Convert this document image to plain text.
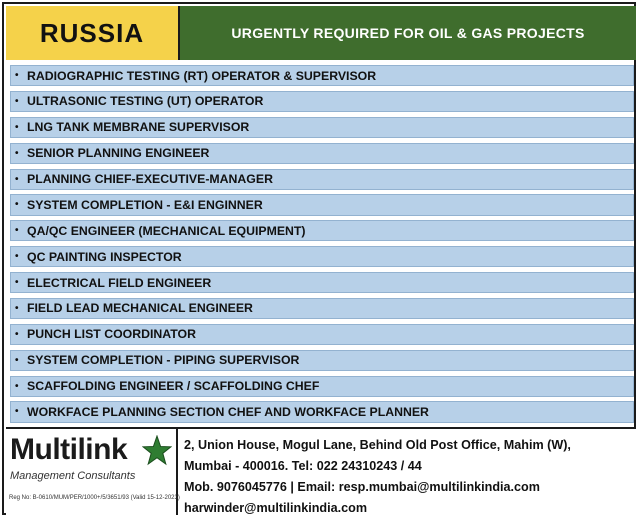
RUSSIA	URGENTLY REQUIRED FOR OIL & GAS PROJECTS
• RADIOGRAPHIC TESTING (RT) OPERATOR & SUPERVISOR
• ULTRASONIC TESTING (UT) OPERATOR
• LNG TANK MEMBRANE SUPERVISOR
• SENIOR PLANNING ENGINEER
• PLANNING CHIEF-EXECUTIVE-MANAGER
• SYSTEM COMPLETION - E&I ENGINNER
• QA/QC ENGINEER (MECHANICAL EQUIPMENT)
• QC PAINTING INSPECTOR
• ELECTRICAL FIELD ENGINEER
• FIELD LEAD MECHANICAL ENGINEER
• PUNCH LIST COORDINATOR
• SYSTEM COMPLETION - PIPING SUPERVISOR
• SCAFFOLDING ENGINEER / SCAFFOLDING CHEF
• WORKFACE PLANNING SECTION CHEF AND WORKFACE PLANNER
Multilink
Management Consultants
Reg No: B-0610/MUM/PER/1000+/5/3651/93 (Valid 15-12-2023)
2, Union House, Mogul Lane, Behind Old Post Office, Mahim (W),
Mumbai - 400016. Tel: 022 24310243 / 44
Mob. 9076045776 | Email: resp.mumbai@multilinkindia.com
harwinder@multilinkindia.com
